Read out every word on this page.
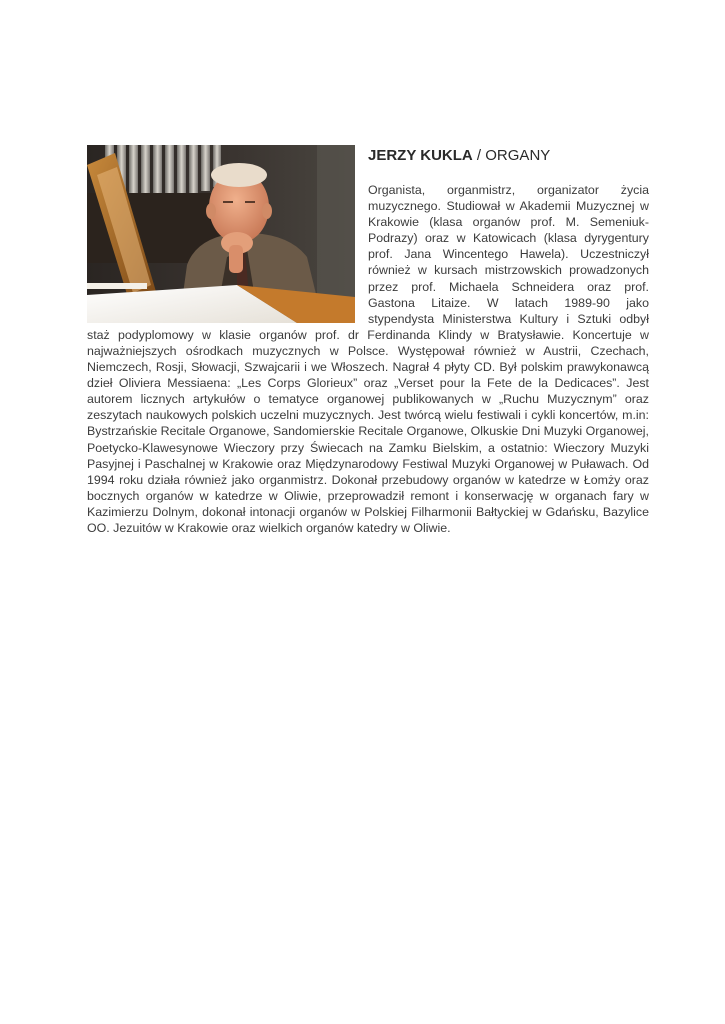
JERZY KUKLA / ORGANY
Organista, organmistrz, organizator życia muzycznego. Studiował w Akademii Muzycznej w Krakowie (klasa organów prof. M. Semeniuk-Podrazy) oraz w Katowicach (klasa dyrygentury prof. Jana Wincentego Hawela). Uczestniczył również w kursach mistrzowskich prowadzonych przez prof. Michaela Schneidera oraz prof. Gastona Litaize. W latach 1989-90 jako stypendysta Ministerstwa Kultury i Sztuki odbył staż podyplomowy w klasie organów prof. dr Ferdinanda Klindy w Bratysławie. Koncertuje w najważniejszych ośrodkach muzycznych w Polsce. Występował również w Austrii, Czechach, Niemczech, Rosji, Słowacji, Szwajcarii i we Włoszech. Nagrał 4 płyty CD. Był polskim prawykonawcą dzieł Oliviera Messiaena: „Les Corps Glorieux” oraz „Verset pour la Fete de la Dedicaces”. Jest autorem licznych artykułów o tematyce organowej publikowanych w „Ruchu Muzycznym” oraz zeszytach naukowych polskich uczelni muzycznych. Jest twórcą wielu festiwali i cykli koncertów, m.in: Bystrzańskie Recitale Organowe, Sandomierskie Recitale Organowe, Olkuskie Dni Muzyki Organowej, Poetycko-Klawesynowe Wieczory przy Świecach na Zamku Bielskim, a ostatnio: Wieczory Muzyki Pasyjnej i Paschalnej w Krakowie oraz Międzynarodowy Festiwal Muzyki Organowej w Puławach. Od 1994 roku działa również jako organmistrz. Dokonał przebudowy organów w katedrze w Łomży oraz bocznych organów w katedrze w Oliwie, przeprowadził remont i konserwację w organach fary w Kazimierzu Dolnym, dokonał intonacji organów w Polskiej Filharmonii Bałtyckiej w Gdańsku, Bazylice OO. Jezuitów w Krakowie oraz wielkich organów katedry w Oliwie.
